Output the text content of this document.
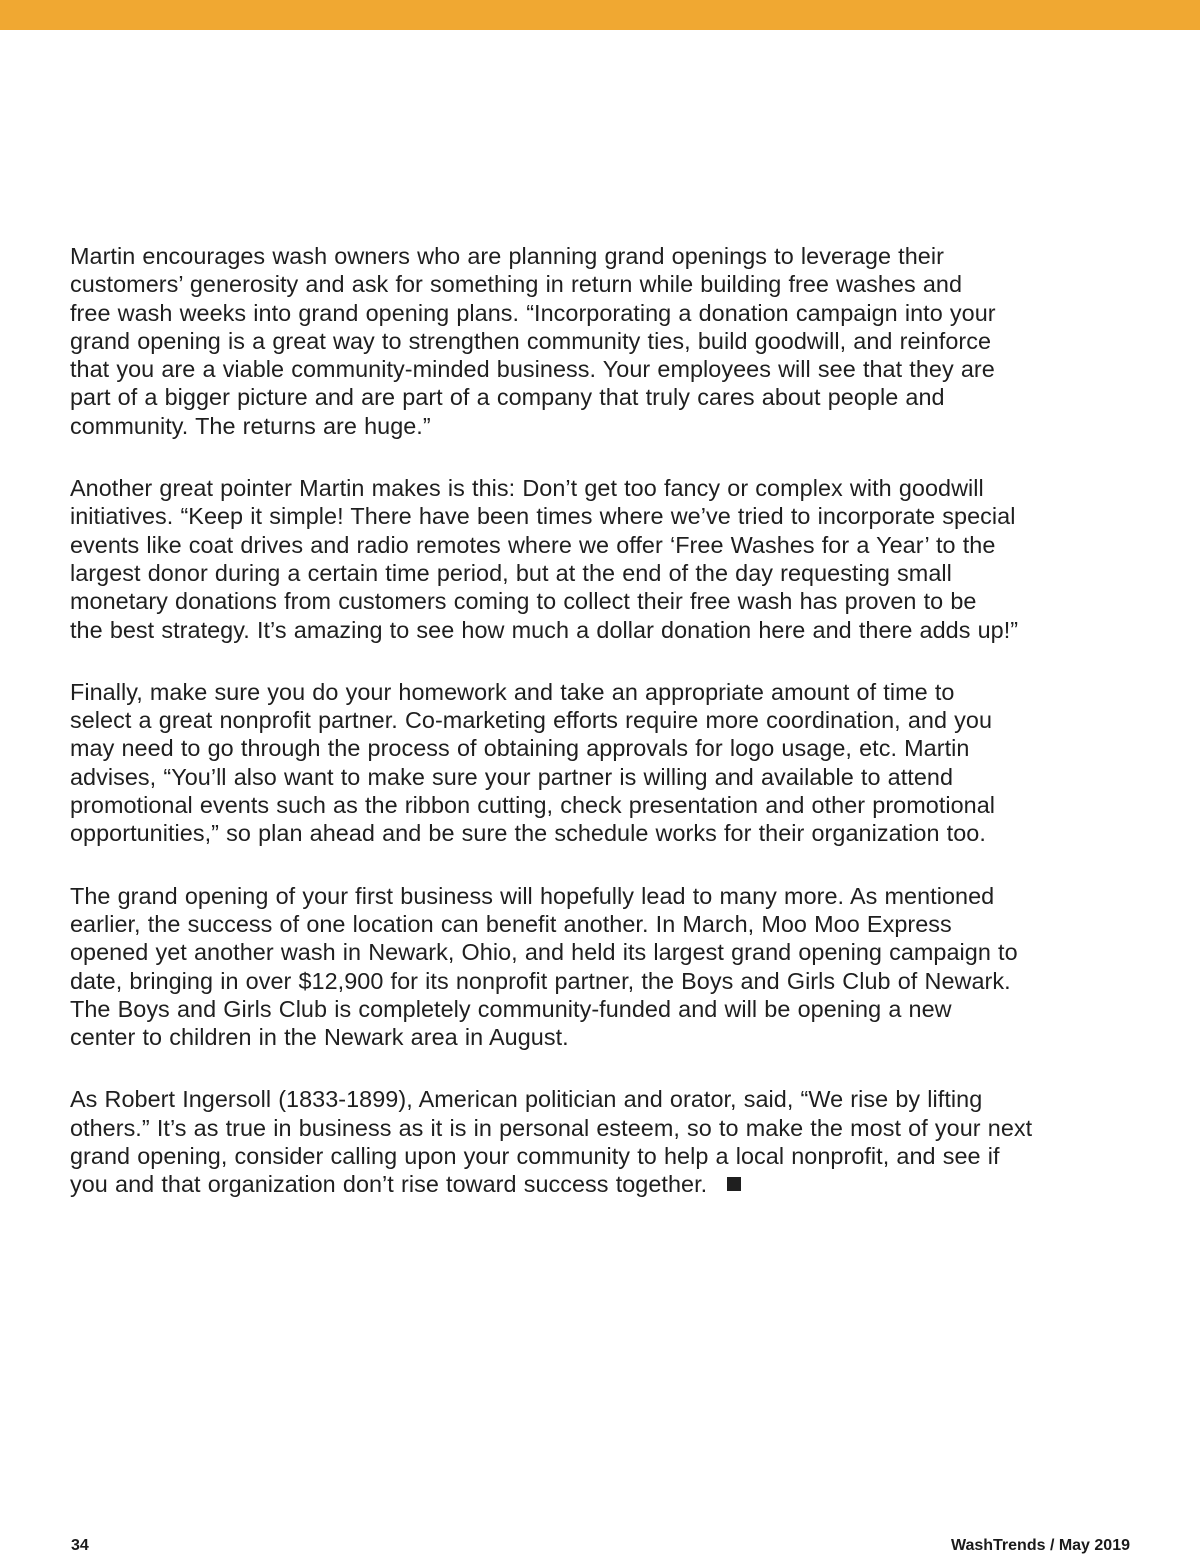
Martin encourages wash owners who are planning grand openings to leverage their
customers’ generosity and ask for something in return while building free washes and
free wash weeks into grand opening plans. “Incorporating a donation campaign into your
grand opening is a great way to strengthen community ties, build goodwill, and reinforce
that you are a viable community-minded business. Your employees will see that they are
part of a bigger picture and are part of a company that truly cares about people and
community. The returns are huge.”

Another great pointer Martin makes is this: Don’t get too fancy or complex with goodwill
initiatives. “Keep it simple! There have been times where we’ve tried to incorporate special
events like coat drives and radio remotes where we offer ‘Free Washes for a Year’ to the
largest donor during a certain time period, but at the end of the day requesting small
monetary donations from customers coming to collect their free wash has proven to be
the best strategy. It’s amazing to see how much a dollar donation here and there adds up!”

Finally, make sure you do your homework and take an appropriate amount of time to
select a great nonprofit partner. Co-marketing efforts require more coordination, and you
may need to go through the process of obtaining approvals for logo usage, etc. Martin
advises, “You’ll also want to make sure your partner is willing and available to attend
promotional events such as the ribbon cutting, check presentation and other promotional
opportunities,” so plan ahead and be sure the schedule works for their organization too.

The grand opening of your first business will hopefully lead to many more. As mentioned
earlier, the success of one location can benefit another. In March, Moo Moo Express
opened yet another wash in Newark, Ohio, and held its largest grand opening campaign to
date, bringing in over $12,900 for its nonprofit partner, the Boys and Girls Club of Newark.
The Boys and Girls Club is completely community-funded and will be opening a new
center to children in the Newark area in August.

As Robert Ingersoll (1833-1899), American politician and orator, said, “We rise by lifting
others.” It’s as true in business as it is in personal esteem, so to make the most of your next
grand opening, consider calling upon your community to help a local nonprofit, and see if
you and that organization don’t rise toward success together.

34	WashTrends / May 2019
